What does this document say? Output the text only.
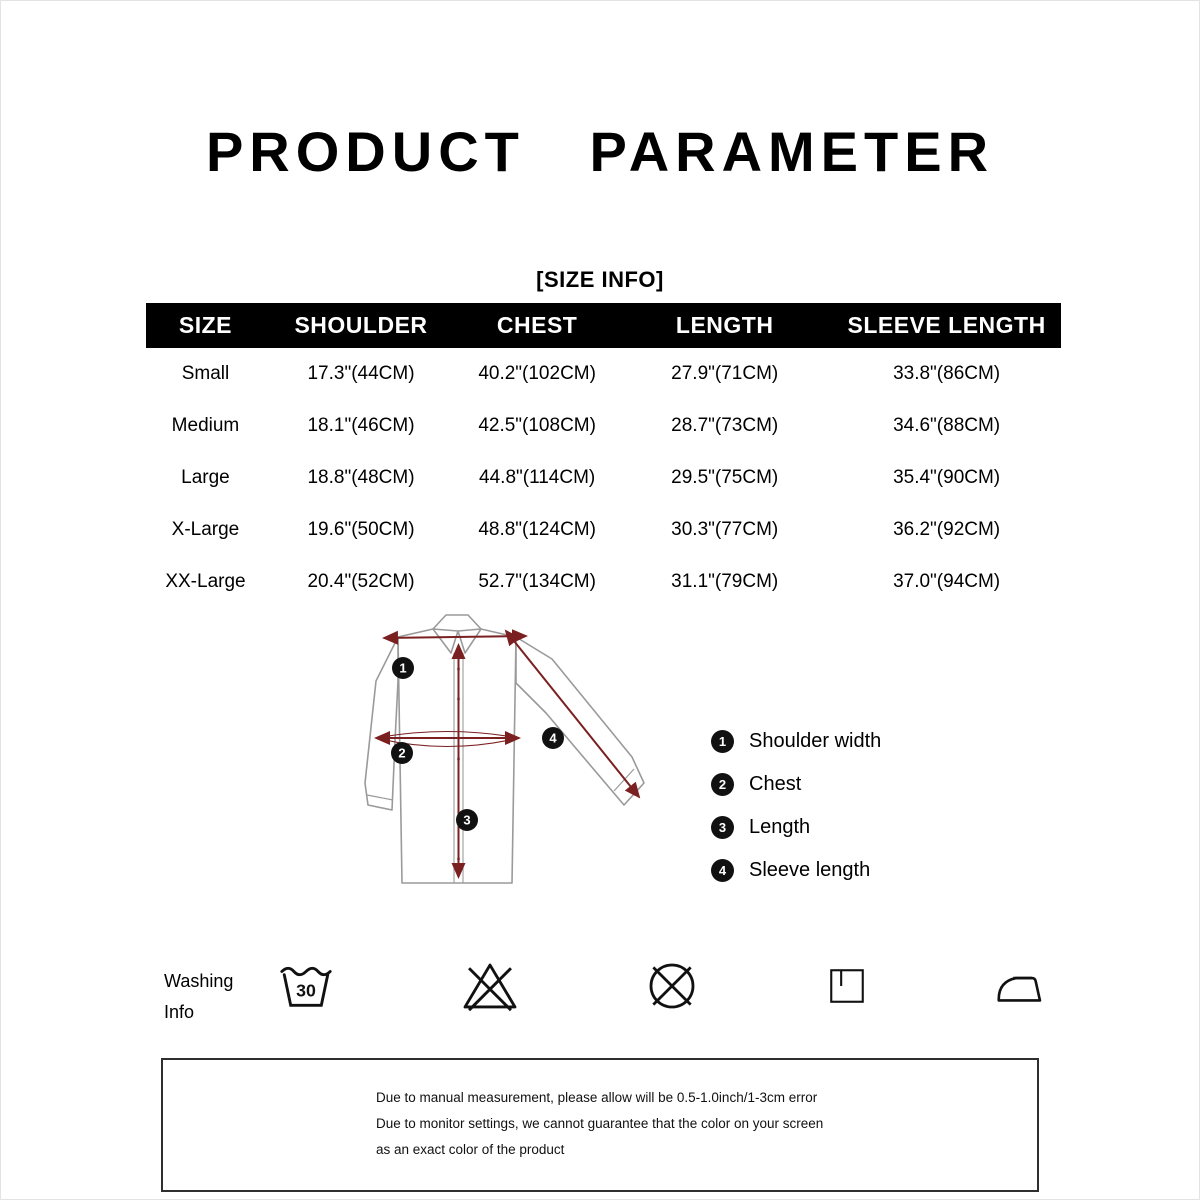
PRODUCT   PARAMETER
[SIZE INFO]
SIZE	SHOULDER	CHEST	LENGTH	SLEEVE LENGTH
Small	17.3"(44CM)	40.2"(102CM)	27.9"(71CM)	33.8"(86CM)
Medium	18.1"(46CM)	42.5"(108CM)	28.7"(73CM)	34.6"(88CM)
Large	18.8"(48CM)	44.8"(114CM)	29.5"(75CM)	35.4"(90CM)
X-Large	19.6"(50CM)	48.8"(124CM)	30.3"(77CM)	36.2"(92CM)
XX-Large	20.4"(52CM)	52.7"(134CM)	31.1"(79CM)	37.0"(94CM)
1
2
3
4	1	Shoulder width
2	Chest
3	Length
4	Sleeve length
Washing
Info
30
Due to manual measurement, please allow will be 0.5-1.0inch/1-3cm error
Due to monitor settings, we cannot guarantee that the color on your screen
as an exact color of the product
